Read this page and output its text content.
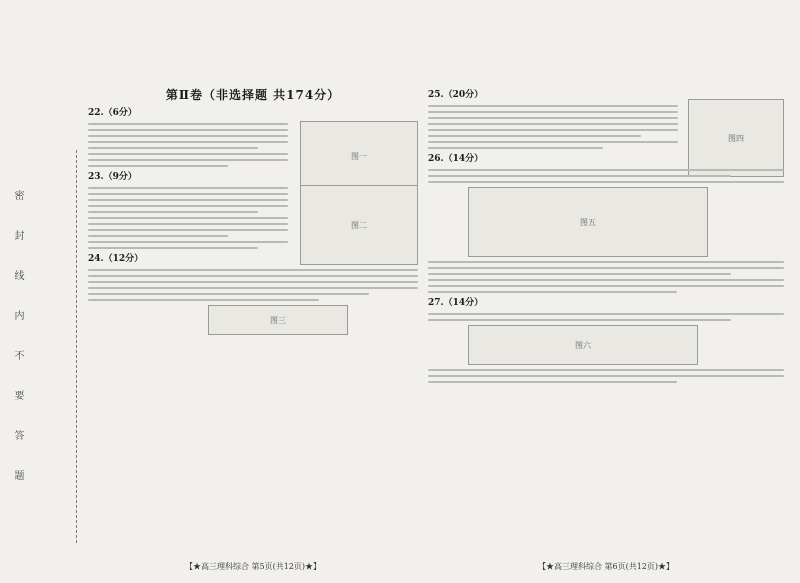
密
封
线
内
不
要
答
题
第Ⅱ卷（非选择题 共174分）
22.（6分）
图一
23.（9分）
图二
24.（12分）
图三
【★高三理科综合 第5页(共12页)★】
25.（20分）
图四
26.（14分）
图五
27.（14分）
图六
【★高三理科综合 第6页(共12页)★】
